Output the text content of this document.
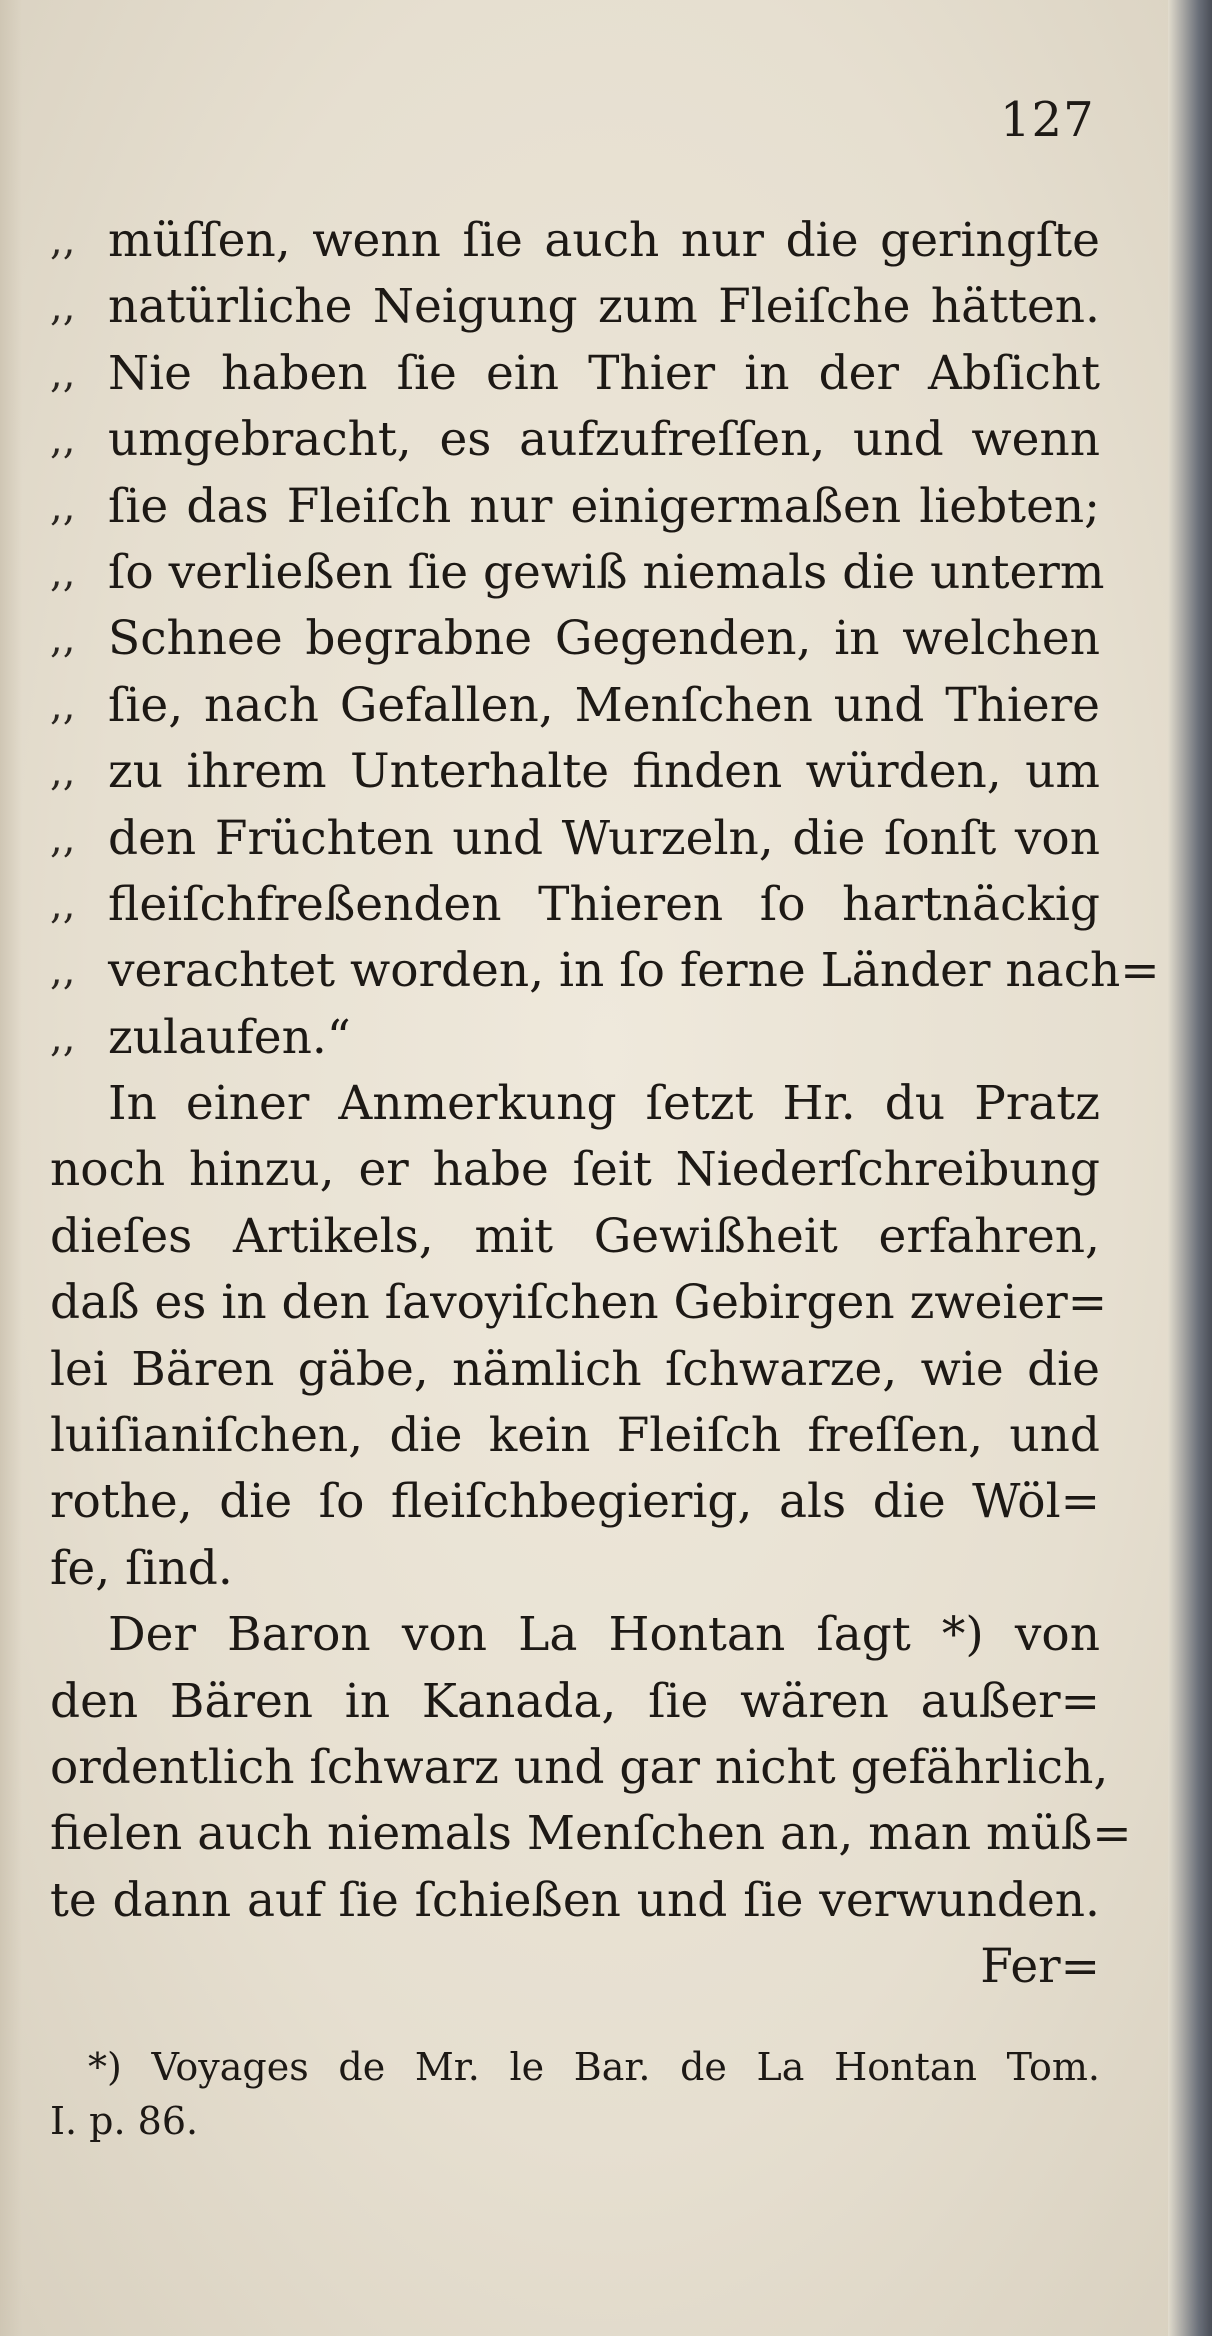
127
,, müſſen, wenn ſie auch nur die geringſte
,, natürliche Neigung zum Fleiſche hätten.
,, Nie haben ſie ein Thier in der Abſicht
,, umgebracht, es aufzufreſſen, und wenn
,, ſie das Fleiſch nur einigermaßen liebten;
,, ſo verließen ſie gewiß niemals die unterm
,, Schnee begrabne Gegenden, in welchen
,, ſie, nach Gefallen, Menſchen und Thiere
,, zu ihrem Unterhalte finden würden, um
,, den Früchten und Wurzeln, die ſonſt von
,, fleiſchfreßenden Thieren ſo hartnäckig
,, verachtet worden, in ſo ferne Länder nach=
,, zulaufen.“
In einer Anmerkung ſetzt Hr. du Pratz
noch hinzu, er habe ſeit Niederſchreibung
dieſes Artikels, mit Gewißheit erfahren,
daß es in den ſavoyiſchen Gebirgen zweier=
lei Bären gäbe, nämlich ſchwarze, wie die
luiſianiſchen, die kein Fleiſch freſſen, und
rothe, die ſo fleiſchbegierig, als die Wöl=
fe, ſind.
Der Baron von La Hontan ſagt *) von
den Bären in Kanada, ſie wären außer=
ordentlich ſchwarz und gar nicht gefährlich,
fielen auch niemals Menſchen an, man müß=
te dann auf ſie ſchießen und ſie verwunden.
Fer=
*) Voyages de Mr. le Bar. de La Hontan Tom.
I. p. 86.
